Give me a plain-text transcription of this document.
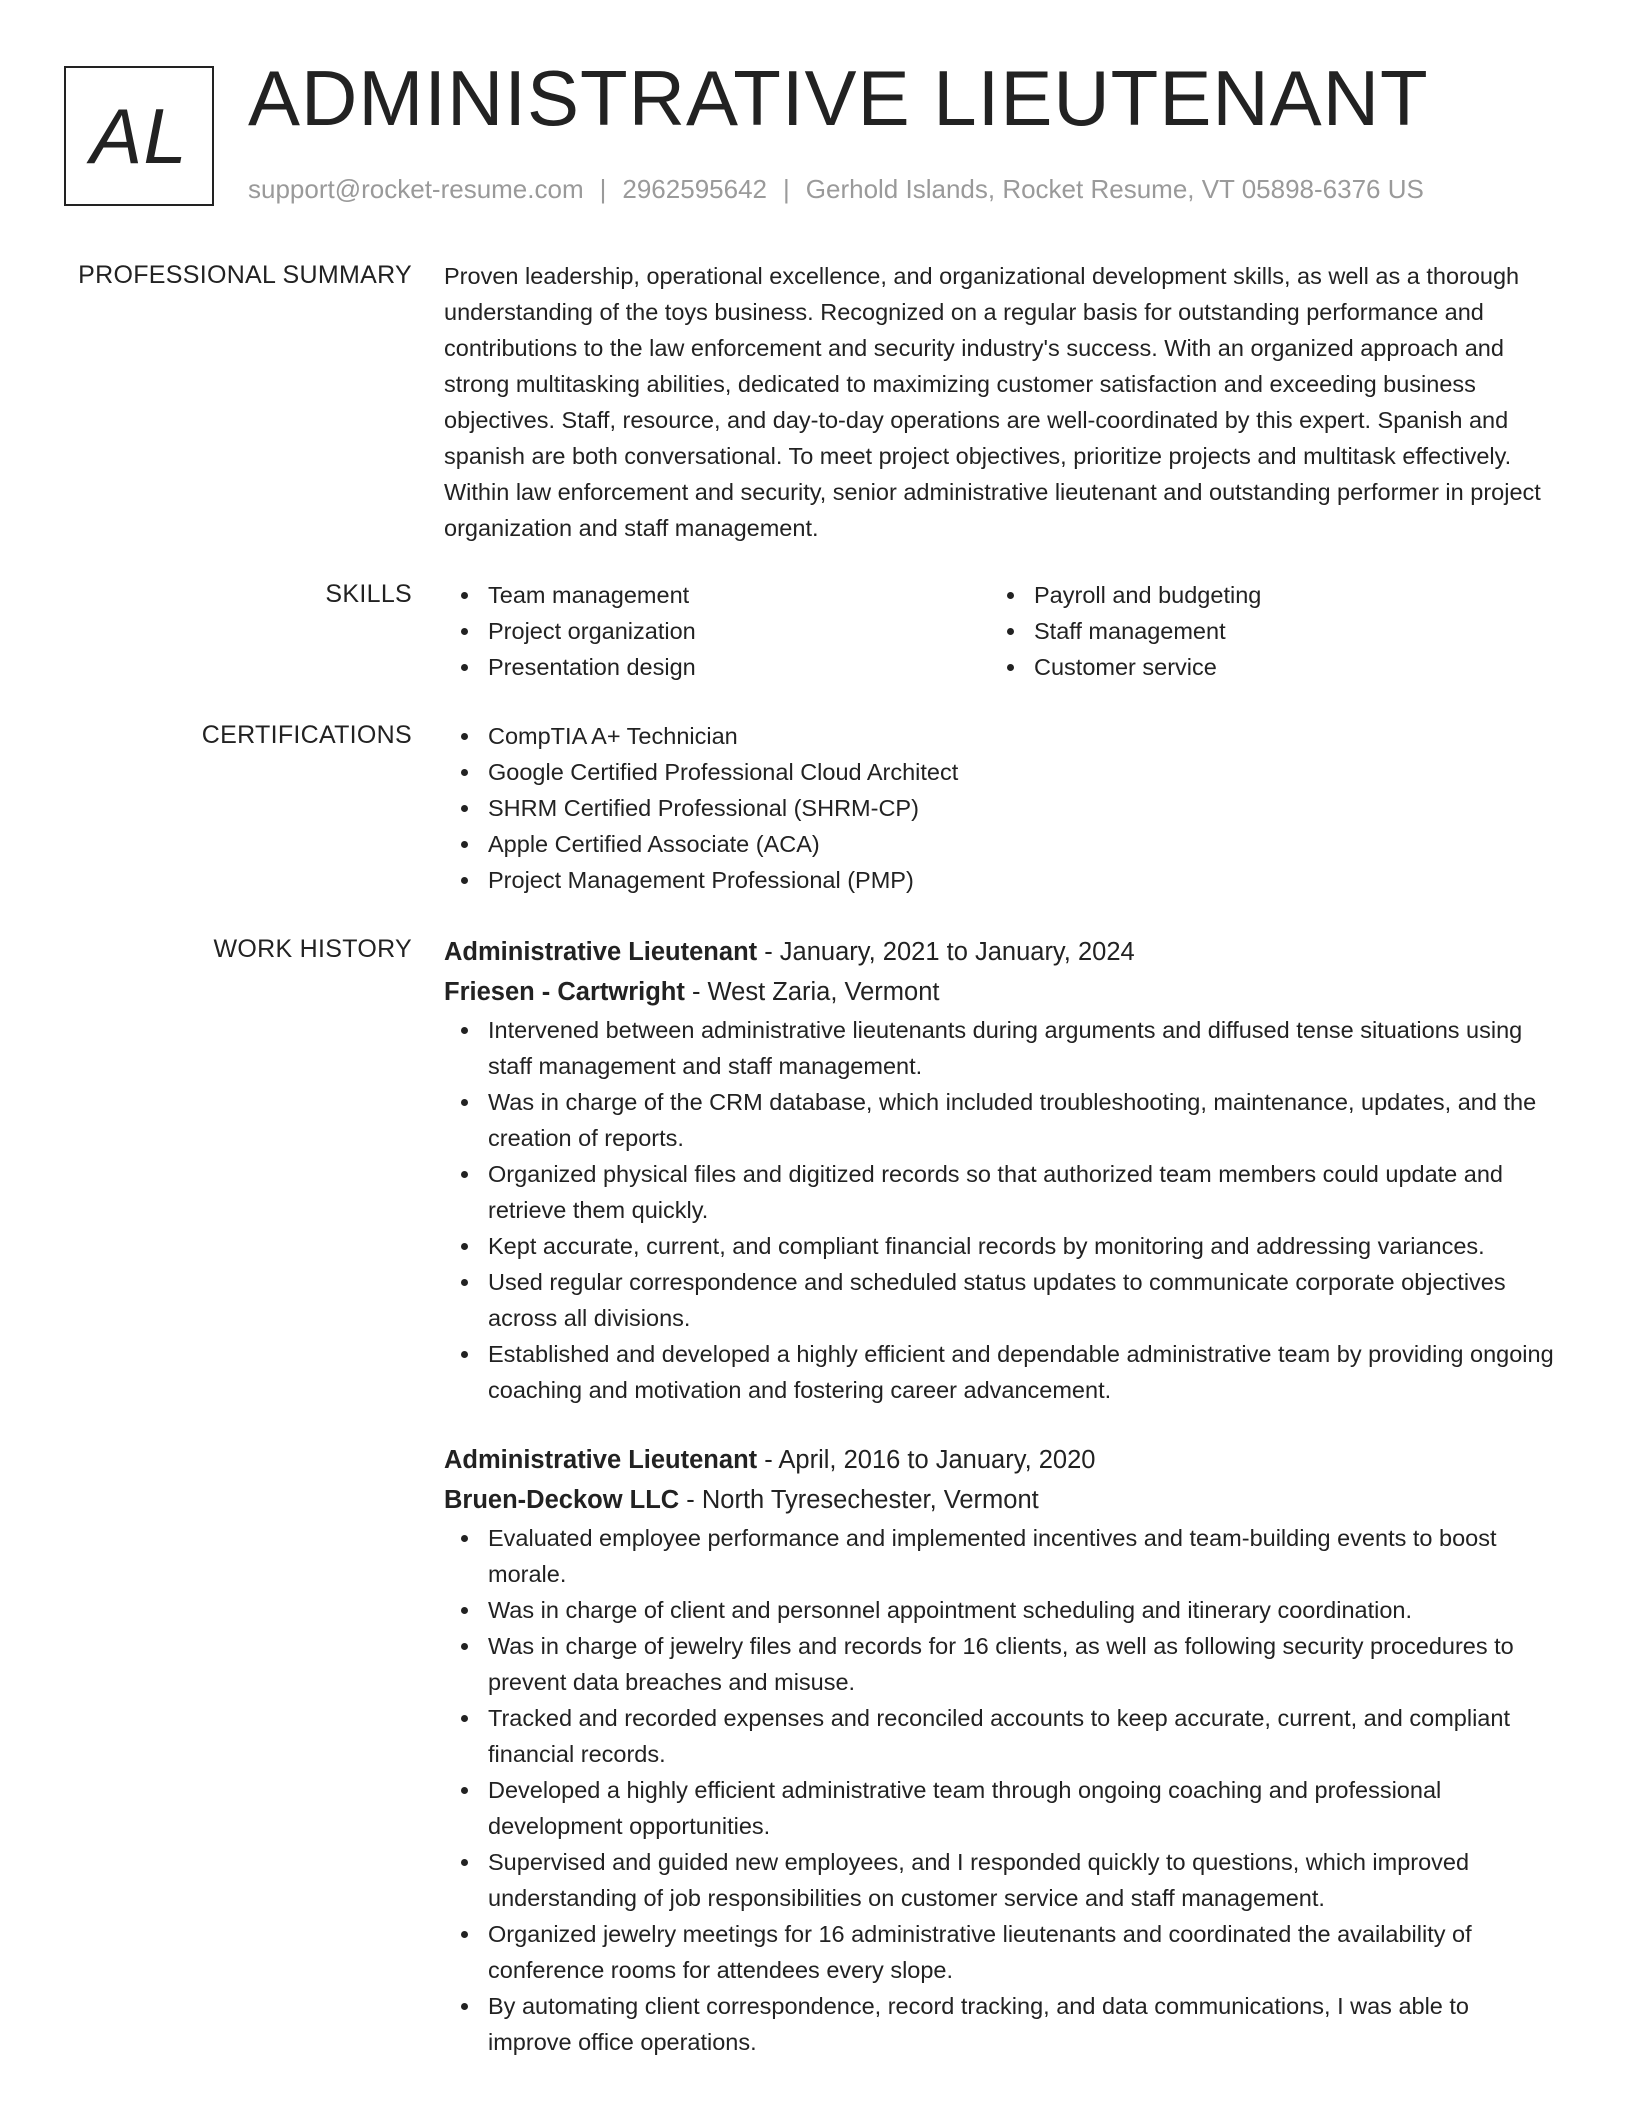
AL ADMINISTRATIVE LIEUTENANT
support@rocket-resume.com | 2962595642 | Gerhold Islands, Rocket Resume, VT 05898-6376 US
PROFESSIONAL SUMMARY Proven leadership, operational excellence, and organizational development skills, as well as a thorough understanding of the toys business. Recognized on a regular basis for outstanding performance and contributions to the law enforcement and security industry's success. With an organized approach and strong multitasking abilities, dedicated to maximizing customer satisfaction and exceeding business objectives. Staff, resource, and day-to-day operations are well-coordinated by this expert. Spanish and spanish are both conversational. To meet project objectives, prioritize projects and multitask effectively. Within law enforcement and security, senior administrative lieutenant and outstanding performer in project organization and staff management.

SKILLS	Team management
Project organization
Presentation design
Payroll and budgeting
Staff management
Customer service
CERTIFICATIONS	CompTIA A+ Technician
Google Certified Professional Cloud Architect
SHRM Certified Professional (SHRM-CP)
Apple Certified Associate (ACA)
Project Management Professional (PMP)
WORK HISTORY Administrative Lieutenant - January, 2021 to January, 2024
Friesen - Cartwright - West Zaria, Vermont
Intervened between administrative lieutenants during arguments and diffused tense situations using staff management and staff management.
Was in charge of the CRM database, which included troubleshooting, maintenance, updates, and the creation of reports.
Organized physical files and digitized records so that authorized team members could update and retrieve them quickly.
Kept accurate, current, and compliant financial records by monitoring and addressing variances.
Used regular correspondence and scheduled status updates to communicate corporate objectives across all divisions.
Established and developed a highly efficient and dependable administrative team by providing ongoing coaching and motivation and fostering career advancement.
Administrative Lieutenant - April, 2016 to January, 2020
Bruen-Deckow LLC - North Tyresechester, Vermont
Evaluated employee performance and implemented incentives and team-building events to boost morale.
Was in charge of client and personnel appointment scheduling and itinerary coordination.
Was in charge of jewelry files and records for 16 clients, as well as following security procedures to prevent data breaches and misuse.
Tracked and recorded expenses and reconciled accounts to keep accurate, current, and compliant financial records.
Developed a highly efficient administrative team through ongoing coaching and professional development opportunities.
Supervised and guided new employees, and I responded quickly to questions, which improved understanding of job responsibilities on customer service and staff management.
Organized jewelry meetings for 16 administrative lieutenants and coordinated the availability of conference rooms for attendees every slope.
By automating client correspondence, record tracking, and data communications, I was able to improve office operations.
